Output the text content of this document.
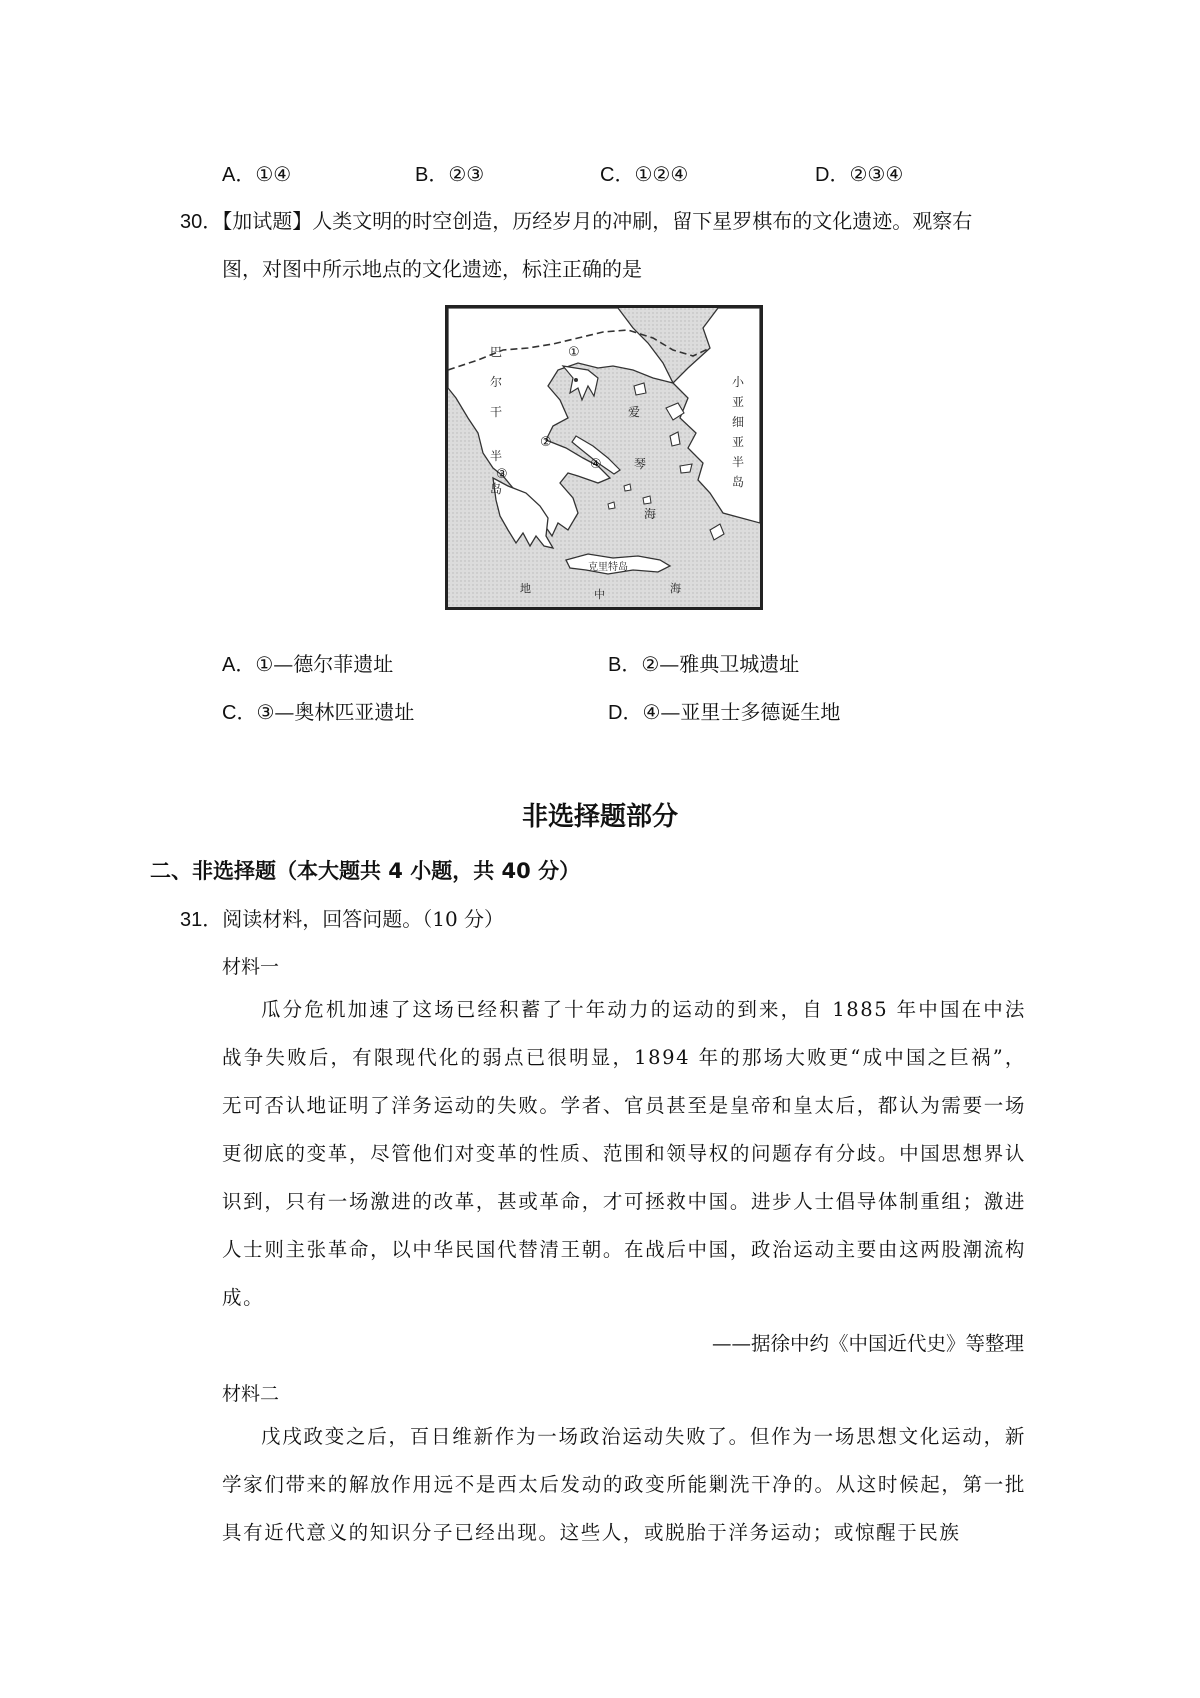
A．①④	B．②③	C．①②④	D．②③④
30．【加试题】人类文明的时空创造，历经岁月的冲刷，留下星罗棋布的文化遗迹。观察右
图，对图中所示地点的文化遗迹，标注正确的是
巴
尔
干
半
岛
爱
琴
海
小
亚
细
亚
半
岛
克里特岛
地	中	海
①
②
③
④
A．①—德尔菲遗址	B．②—雅典卫城遗址
C．③—奥林匹亚遗址	D．④—亚里士多德诞生地
非选择题部分
二、非选择题（本大题共 4 小题，共 40 分）
31．阅读材料，回答问题。（10 分）
材料一
瓜分危机加速了这场已经积蓄了十年动力的运动的到来，自 1885 年中国在中法战争失败后，有限现代化的弱点已很明显，1894 年的那场大败更“成中国之巨祸”，无可否认地证明了洋务运动的失败。学者、官员甚至是皇帝和皇太后，都认为需要一场更彻底的变革，尽管他们对变革的性质、范围和领导权的问题存有分歧。中国思想界认识到，只有一场激进的改革，甚或革命，才可拯救中国。进步人士倡导体制重组；激进人士则主张革命，以中华民国代替清王朝。在战后中国，政治运动主要由这两股潮流构成。
——据徐中约《中国近代史》等整理
材料二
戊戌政变之后，百日维新作为一场政治运动失败了。但作为一场思想文化运动，新学家们带来的解放作用远不是西太后发动的政变所能剿洗干净的。从这时候起，第一批具有近代意义的知识分子已经出现。这些人，或脱胎于洋务运动；或惊醒于民族
